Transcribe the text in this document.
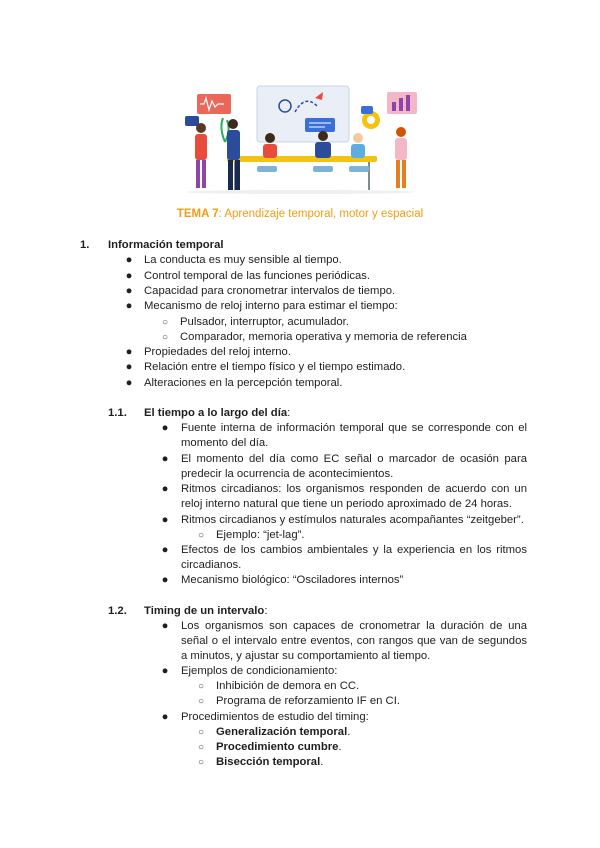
TEMA 7: Aprendizaje temporal, motor y espacial
1. Información temporal
● La conducta es muy sensible al tiempo.
● Control temporal de las funciones periódicas.
● Capacidad para cronometrar intervalos de tiempo.
● Mecanismo de reloj interno para estimar el tiempo:
○ Pulsador, interruptor, acumulador.
○ Comparador, memoria operativa y memoria de referencia
● Propiedades del reloj interno.
● Relación entre el tiempo físico y el tiempo estimado.
● Alteraciones en la percepción temporal.
1.1. El tiempo a lo largo del día:
● Fuente interna de información temporal que se corresponde con el momento del día.
● El momento del día como EC señal o marcador de ocasión para predecir la ocurrencia de acontecimientos.
● Ritmos circadianos: los organismos responden de acuerdo con un reloj interno natural que tiene un periodo aproximado de 24 horas.
● Ritmos circadianos y estímulos naturales acompañantes “zeitgeber”.
○ Ejemplo: “jet-lag”.
● Efectos de los cambios ambientales y la experiencia en los ritmos circadianos.
● Mecanismo biológico: “Osciladores internos”
1.2. Timing de un intervalo:
● Los organismos son capaces de cronometrar la duración de una señal o el intervalo entre eventos, con rangos que van de segundos a minutos, y ajustar su comportamiento al tiempo.
● Ejemplos de condicionamiento:
○ Inhibición de demora en CC.
○ Programa de reforzamiento IF en CI.
● Procedimientos de estudio del timing:
○ Generalización temporal.
○ Procedimiento cumbre.
○ Bisección temporal.
